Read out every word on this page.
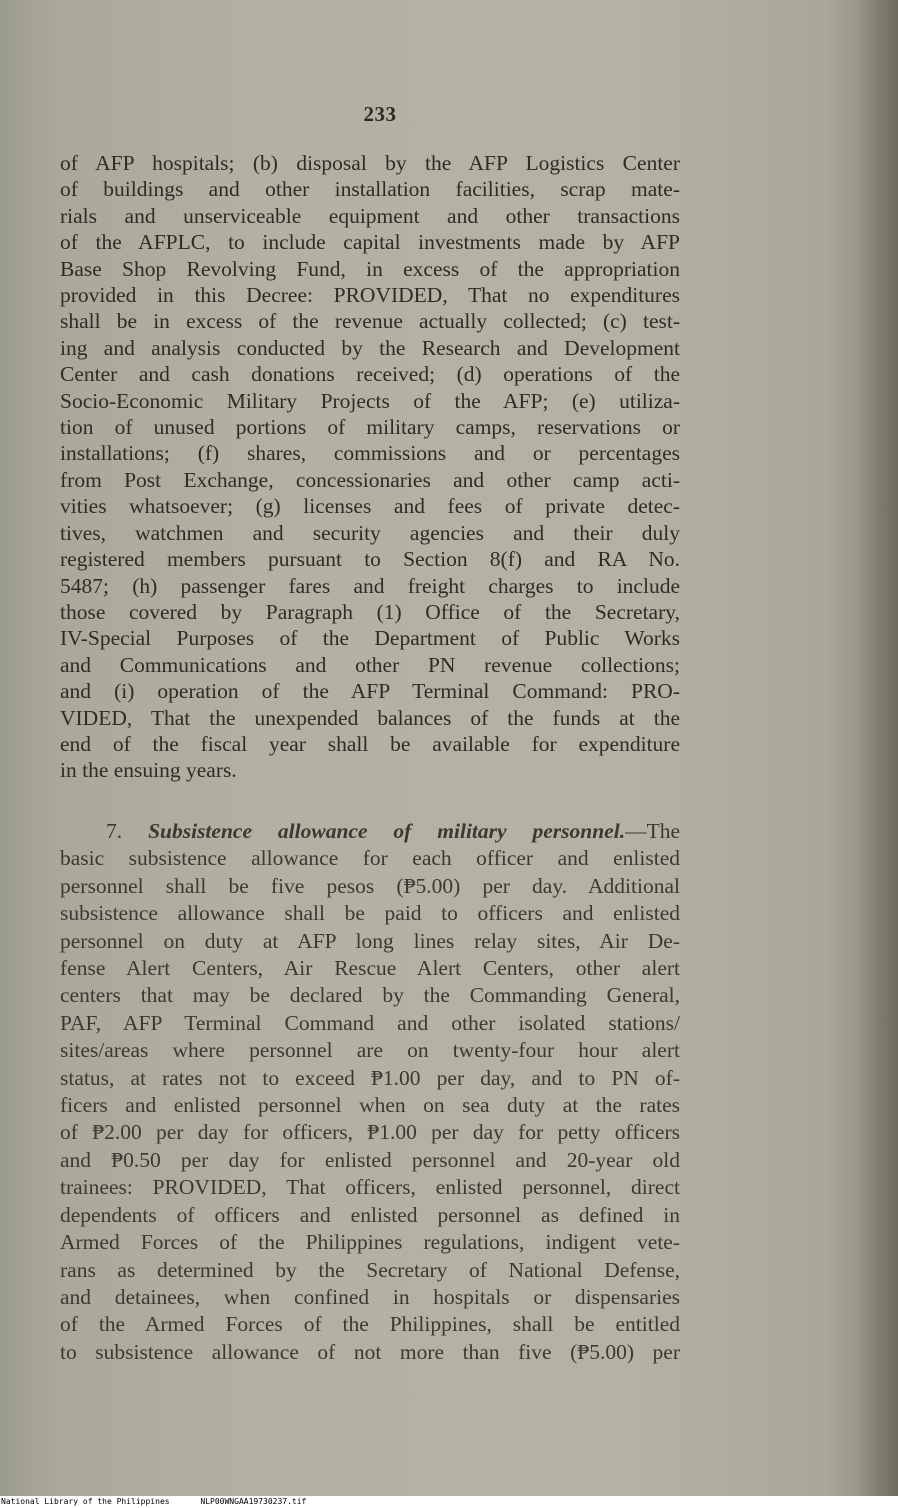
233
of AFP hospitals; (b) disposal by the AFP Logistics Center
of buildings and other installation facilities, scrap mate-
rials and unserviceable equipment and other transactions
of the AFPLC, to include capital investments made by AFP
Base Shop Revolving Fund, in excess of the appropriation
provided in this Decree: PROVIDED, That no expenditures
shall be in excess of the revenue actually collected; (c) test-
ing and analysis conducted by the Research and Development
Center and cash donations received; (d) operations of the
Socio-Economic Military Projects of the AFP; (e) utiliza-
tion of unused portions of military camps, reservations or
installations; (f) shares, commissions and or percentages
from Post Exchange, concessionaries and other camp acti-
vities whatsoever; (g) licenses and fees of private detec-
tives, watchmen and security agencies and their duly
registered members pursuant to Section 8(f) and RA No.
5487; (h) passenger fares and freight charges to include
those covered by Paragraph (1) Office of the Secretary,
IV-Special Purposes of the Department of Public Works
and Communications and other PN revenue collections;
and (i) operation of the AFP Terminal Command: PRO-
VIDED, That the unexpended balances of the funds at the
end of the fiscal year shall be available for expenditure
in the ensuing years.
7. Subsistence allowance of military personnel.—The
basic subsistence allowance for each officer and enlisted
personnel shall be five pesos (₱5.00) per day. Additional
subsistence allowance shall be paid to officers and enlisted
personnel on duty at AFP long lines relay sites, Air De-
fense Alert Centers, Air Rescue Alert Centers, other alert
centers that may be declared by the Commanding General,
PAF, AFP Terminal Command and other isolated stations/
sites/areas where personnel are on twenty-four hour alert
status, at rates not to exceed ₱1.00 per day, and to PN of-
ficers and enlisted personnel when on sea duty at the rates
of ₱2.00 per day for officers, ₱1.00 per day for petty officers
and ₱0.50 per day for enlisted personnel and 20-year old
trainees: PROVIDED, That officers, enlisted personnel, direct
dependents of officers and enlisted personnel as defined in
Armed Forces of the Philippines regulations, indigent vete-
rans as determined by the Secretary of National Defense,
and detainees, when confined in hospitals or dispensaries
of the Armed Forces of the Philippines, shall be entitled
to subsistence allowance of not more than five (₱5.00) per
National Library of the Philippines	NLP00WNGAA19730237.tif
